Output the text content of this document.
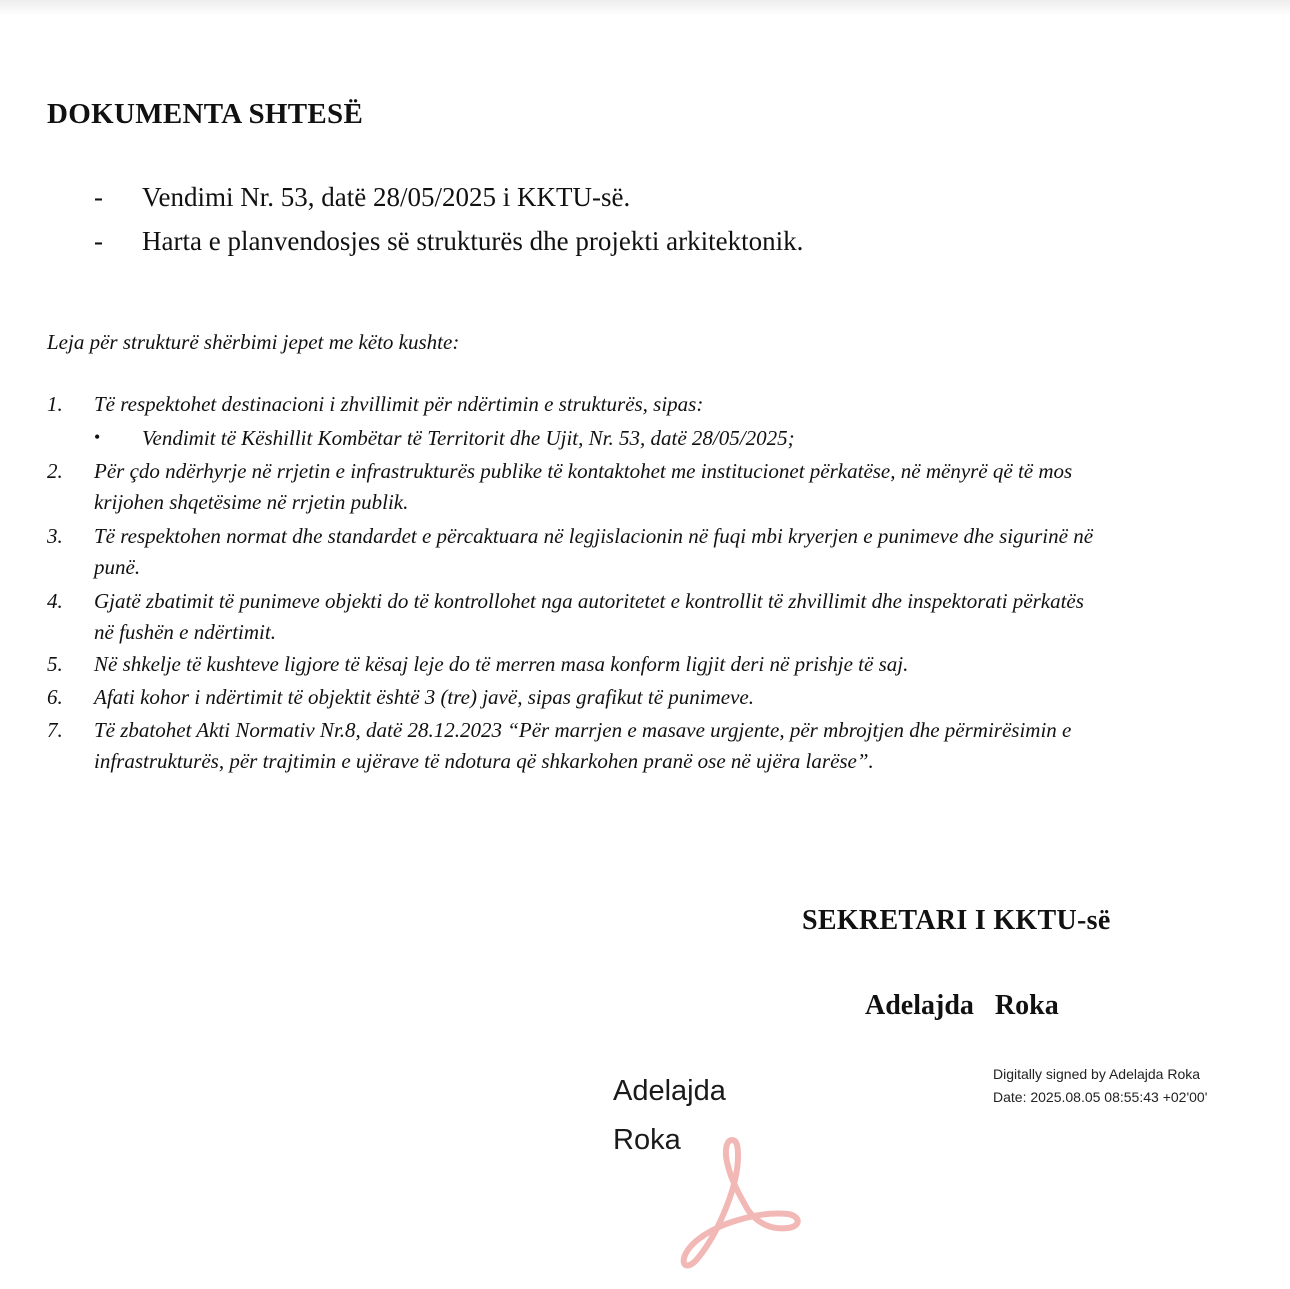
DOKUMENTA SHTESË
- Vendimi Nr. 53, datë 28/05/2025 i KKTU-së.
- Harta e planvendosjes së strukturës dhe projekti arkitektonik.
Leja për strukturë shërbimi jepet me këto kushte:
1. Të respektohet destinacioni i zhvillimit për ndërtimin e strukturës, sipas:
• Vendimit të Këshillit Kombëtar të Territorit dhe Ujit, Nr. 53, datë 28/05/2025;
2. Për çdo ndërhyrje në rrjetin e infrastrukturës publike të kontaktohet me institucionet përkatëse, në mënyrë që të mos
krijohen shqetësime në rrjetin publik.
3. Të respektohen normat dhe standardet e përcaktuara në legjislacionin në fuqi mbi kryerjen e punimeve dhe sigurinë në
punë.
4. Gjatë zbatimit të punimeve objekti do të kontrollohet nga autoritetet e kontrollit të zhvillimit dhe inspektorati përkatës
në fushën e ndërtimit.
5. Në shkelje të kushteve ligjore të kësaj leje do të merren masa konform ligjit deri në prishje të saj.
6. Afati kohor i ndërtimit të objektit është 3 (tre) javë, sipas grafikut të punimeve.
7. Të zbatohet Akti Normativ Nr.8, datë 28.12.2023 “Për marrjen e masave urgjente, për mbrojtjen dhe përmirësimin e
infrastrukturës, për trajtimin e ujërave të ndotura që shkarkohen pranë ose në ujëra larëse”.
SEKRETARI I KKTU-së
Adelajda Roka
Adelajda
Roka
Digitally signed by Adelajda Roka
Date: 2025.08.05 08:55:43 +02'00'
